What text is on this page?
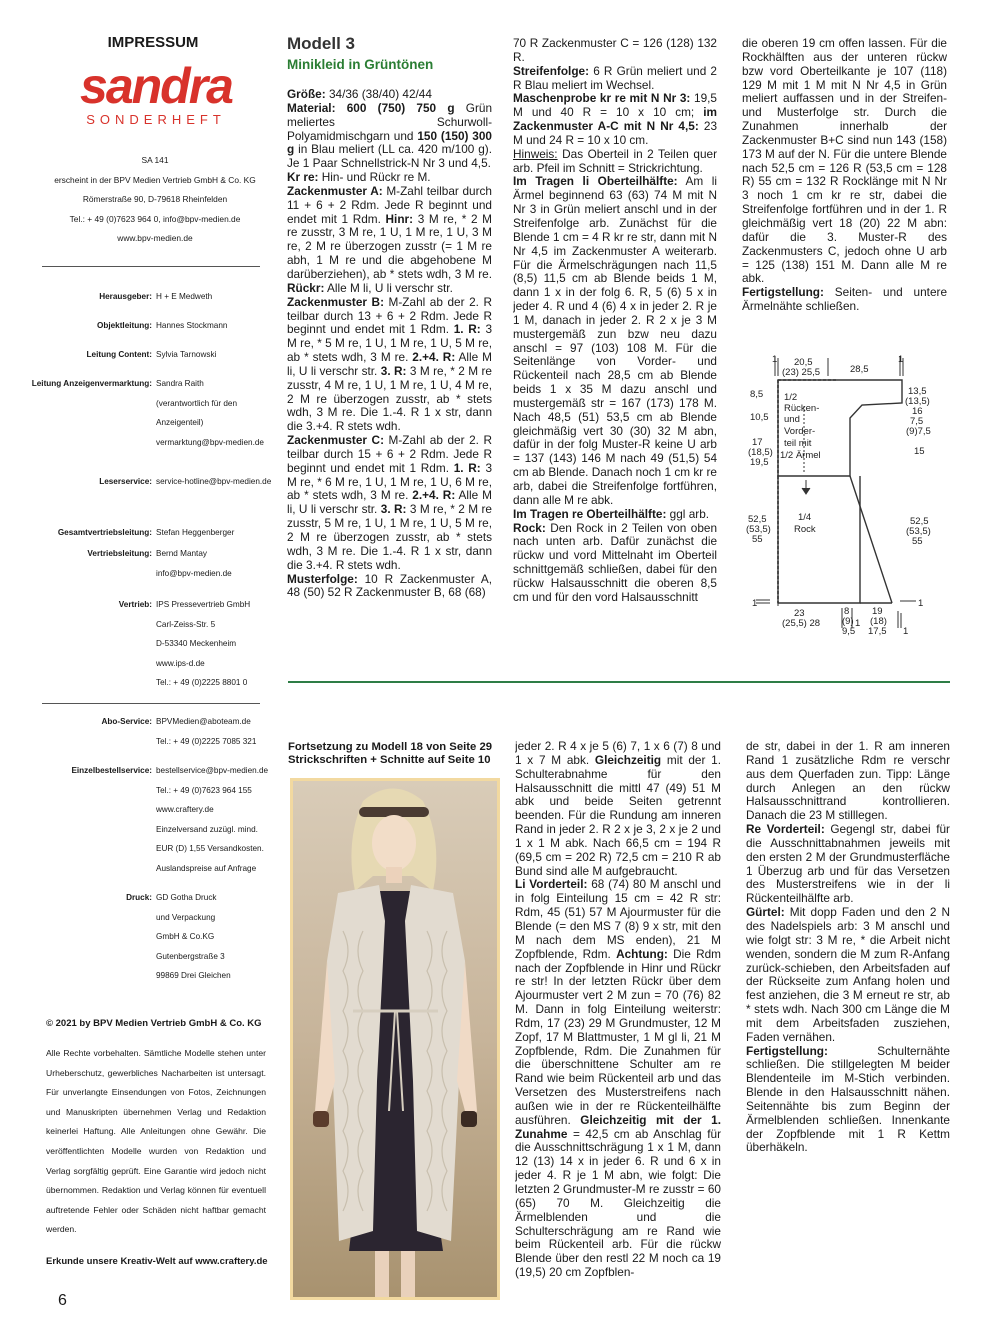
IMPRESSUM
sandra
SONDERHEFT
SA 141
erscheint in der BPV Medien Vertrieb GmbH & Co. KG
Römerstraße 90, D-79618 Rheinfelden
Tel.: + 49 (0)7623 964 0, info@bpv-medien.de
www.bpv-medien.de
Herausgeber: H + E Medweth
Objektleitung: Hannes Stockmann
Leitung Content: Sylvia Tarnowski
Leitung Anzeigenvermarktung: Sandra Raith
(verantwortlich für den
Anzeigenteil)
vermarktung@bpv-medien.de
Leserservice: service-hotline@bpv-medien.de
Gesamtvertriebsleitung: Stefan Heggenberger
Vertriebsleitung: Bernd Mantay
info@bpv-medien.de
Vertrieb: IPS Pressevertrieb GmbH
Carl-Zeiss-Str. 5
D-53340 Meckenheim
www.ips-d.de
Tel.: + 49 (0)2225 8801 0
Abo-Service: BPVMedien@aboteam.de
Tel.: + 49 (0)2225 7085 321
Einzelbestellservice: bestellservice@bpv-medien.de
Tel.: + 49 (0)7623 964 155
www.craftery.de
Einzelversand zuzügl. mind.
EUR (D) 1,55 Versandkosten.
Auslandspreise auf Anfrage
Druck: GD Gotha Druck
und Verpackung
GmbH & Co.KG
Gutenbergstraße 3
99869 Drei Gleichen
© 2021 by BPV Medien Vertrieb GmbH & Co. KG
Alle Rechte vorbehalten. Sämtliche Modelle stehen unter Urheberschutz, gewerbliches Nacharbeiten ist untersagt. Für unverlangte Einsendungen von Fotos, Zeichnungen und Manuskripten übernehmen Verlag und Redaktion keinerlei Haftung. Alle Anleitungen ohne Gewähr. Die veröffentlichten Modelle wurden von Redaktion und Verlag sorgfältig geprüft. Eine Garantie wird jedoch nicht übernommen. Redaktion und Verlag können für eventuell auftretende Fehler oder Schäden nicht haftbar gemacht werden.
Erkunde unsere Kreativ-Welt auf www.craftery.de
6
Modell 3
Minikleid in Grüntönen

Größe: 34/36 (38/40) 42/44

Material: 600 (750) 750 g Grün meliertes Schurwoll-Polyamidmischgarn und 150 (150) 300 g in Blau meliert (LL ca. 420 m/100 g). Je 1 Paar Schnellstrick-N Nr 3 und 4,5.

Kr re: Hin- und Rückr re M.

Zackenmuster A: M-Zahl teilbar durch 11 + 6 + 2 Rdm. Jede R beginnt und endet mit 1 Rdm. Hinr: 3 M re, * 2 M re zusstr, 3 M re, 1 U, 1 M re, 1 U, 3 M re, 2 M re überzogen zusstr (= 1 M re abh, 1 M re und die abgehobene M darüberziehen), ab * stets wdh, 3 M re. Rückr: Alle M li, U li verschr str.

Zackenmuster B: M-Zahl ab der 2. R teilbar durch 13 + 6 + 2 Rdm. Jede R beginnt und endet mit 1 Rdm. 1. R: 3 M re, * 5 M re, 1 U, 1 M re, 1 U, 5 M re, ab * stets wdh, 3 M re. 2.+4. R: Alle M li, U li verschr str. 3. R: 3 M re, * 2 M re zusstr, 4 M re, 1 U, 1 M re, 1 U, 4 M re, 2 M re überzogen zusstr, ab * stets wdh, 3 M re. Die 1.-4. R 1 x str, dann die 3.+4. R stets wdh.

Zackenmuster C: M-Zahl ab der 2. R teilbar durch 15 + 6 + 2 Rdm. Jede R beginnt und endet mit 1 Rdm. 1. R: 3 M re, * 6 M re, 1 U, 1 M re, 1 U, 6 M re, ab * stets wdh, 3 M re. 2.+4. R: Alle M li, U li verschr str. 3. R: 3 M re, * 2 M re zusstr, 5 M re, 1 U, 1 M re, 1 U, 5 M re, 2 M re überzogen zusstr, ab * stets wdh, 3 M re. Die 1.-4. R 1 x str, dann die 3.+4. R stets wdh.

Musterfolge: 10 R Zackenmuster A, 48 (50) 52 R Zackenmuster B, 68 (68)

70 R Zackenmuster C = 126 (128) 132 R.

Streifenfolge: 6 R Grün meliert und 2 R Blau meliert im Wechsel.

Maschenprobe kr re mit N Nr 3: 19,5 M und 40 R = 10 x 10 cm; im Zackenmuster A-C mit N Nr 4,5: 23 M und 24 R = 10 x 10 cm.

Hinweis: Das Oberteil in 2 Teilen quer arb. Pfeil im Schnitt = Strickrichtung.

Im Tragen li Oberteilhälfte: Am li Ärmel beginnend 63 (63) 74 M mit N Nr 3 in Grün meliert anschl und in der Streifenfolge arb. Zunächst für die Blende 1 cm = 4 R kr re str, dann mit N Nr 4,5 im Zackenmuster A weiterarb. Für die Ärmelschrägungen nach 11,5 (8,5) 11,5 cm ab Blende beids 1 M, dann 1 x in der folg 6. R, 5 (6) 5 x in jeder 4. R und 4 (6) 4 x in jeder 2. R je 1 M, danach in jeder 2. R 2 x je 3 M mustergemäß zun bzw neu dazu anschl = 97 (103) 108 M. Für die Seitenlänge von Vorder- und Rückenteil nach 28,5 cm ab Blende beids 1 x 35 M dazu anschl und mustergemäß str = 167 (173) 178 M. Nach 48,5 (51) 53,5 cm ab Blende gleichmäßig vert 30 (30) 32 M abn, dafür in der folg Muster-R keine U arb = 137 (143) 146 M nach 49 (51,5) 54 cm ab Blende. Danach noch 1 cm kr re arb, dabei die Streifenfolge fortführen, dann alle M re abk.

Im Tragen re Oberteilhälfte: ggl arb.

Rock: Den Rock in 2 Teilen von oben nach unten arb. Dafür zunächst die rückw und vord Mittelnaht im Oberteil schnittgemäß schließen, dabei für den rückw Halsausschnitt die oberen 8,5 cm und für den vord Halsausschnitt

die oberen 19 cm offen lassen. Für die Rockhälften aus der unteren rückw bzw vord Oberteilkante je 107 (118) 129 M mit 1 M mit N Nr 4,5 in Grün meliert auffassen und in der Streifen- und Musterfolge str. Durch die Zunahmen innerhalb der Zackenmuster B+C sind nun 143 (158) 173 M auf der N. Für die untere Blende nach 52,5 cm = 126 R (53,5 cm = 128 R) 55 cm = 132 R Rocklänge mit N Nr 3 noch 1 cm kr re str, dabei die Streifenfolge fortführen und in der 1. R gleichmäßig vert 18 (20) 22 M abn: dafür die 3. Muster-R des Zackenmusters C, jedoch ohne U arb = 125 (138) 151 M. Dann alle M re abk.

Fertigstellung: Seiten- und untere Ärmelnähte schließen.

20,5
(23) 25,5	28,5
8,5
10,5
17
(18,5)
19,5
52,5
(53,5)
55
13,5
(13,5)
16
7,5
(9)7,5
15
52,5
(53,5)
55
23
(25,5) 28
8
(9)
9,5
19
(18)
17,5
1/2
Rücken-
und
Vorder-
teil mit
1/2 Ärmel
1/4
Rock
1	1
1	1
1
1
Fortsetzung zu Modell 18 von Seite 29
Strickschriften + Schnitte auf Seite 10

jeder 2. R 4 x je 5 (6) 7, 1 x 6 (7) 8 und 1 x 7 M abk. Gleichzeitig mit der 1. Schulterabnahme für den Halsausschnitt die mittl 47 (49) 51 M abk und beide Seiten getrennt beenden. Für die Rundung am inneren Rand in jeder 2. R 2 x je 3, 2 x je 2 und 1 x 1 M abk. Nach 66,5 cm = 194 R (69,5 cm = 202 R) 72,5 cm = 210 R ab Bund sind alle M aufgebraucht.

Li Vorderteil: 68 (74) 80 M anschl und in folg Einteilung 15 cm = 42 R str: Rdm, 45 (51) 57 M Ajourmuster für die Blende (= den MS 7 (8) 9 x str, mit den M nach dem MS enden), 21 M Zopfblende, Rdm. Achtung: Die Rdm nach der Zopfblende in Hinr und Rückr re str! In der letzten Rückr über dem Ajourmuster vert 2 M zun = 70 (76) 82 M. Dann in folg Einteilung weiterstr: Rdm, 17 (23) 29 M Grundmuster, 12 M Zopf, 17 M Blattmuster, 1 M gl li, 21 M Zopfblende, Rdm. Die Zunahmen für die überschnittene Schulter am re Rand wie beim Rückenteil arb und das Versetzen des Musterstreifens nach außen wie in der re Rückenteilhälfte ausführen. Gleichzeitig mit der 1. Zunahme = 42,5 cm ab Anschlag für die Ausschnittschrägung 1 x 1 M, dann 12 (13) 14 x in jeder 6. R und 6 x in jeder 4. R je 1 M abn, wie folgt: Die letzten 2 Grundmuster-M re zusstr = 60 (65) 70 M. Gleichzeitig die Ärmelblenden und die Schulterschrägung am re Rand wie beim Rückenteil arb. Für die rückw Blende über den restl 22 M noch ca 19 (19,5) 20 cm Zopfblen-

de str, dabei in der 1. R am inneren Rand 1 zusätzliche Rdm re verschr aus dem Querfaden zun. Tipp: Länge durch Anlegen an den rückw Halsausschnittrand kontrollieren. Danach die 23 M stilllegen.

Re Vorderteil: Gegengl str, dabei für die Ausschnittabnahmen jeweils mit den ersten 2 M der Grundmusterfläche 1 Überzug arb und für das Versetzen des Musterstreifens wie in der li Rückenteilhälfte arb.

Gürtel: Mit dopp Faden und den 2 N des Nadelspiels arb: 3 M anschl und wie folgt str: 3 M re, * die Arbeit nicht wenden, sondern die M zum R-Anfang zurück-schieben, den Arbeitsfaden auf der Rückseite zum Anfang holen und fest anziehen, die 3 M erneut re str, ab * stets wdh. Nach 300 cm Länge die M mit dem Arbeitsfaden zusziehen, Faden vernähen.

Fertigstellung: Schulternähte schließen. Die stillgelegten M beider Blendenteile im M-Stich verbinden. Blende in den Halsausschnitt nähen. Seitennähte bis zum Beginn der Ärmelblenden schließen. Innenkante der Zopfblende mit 1 R Kettm überhäkeln.
